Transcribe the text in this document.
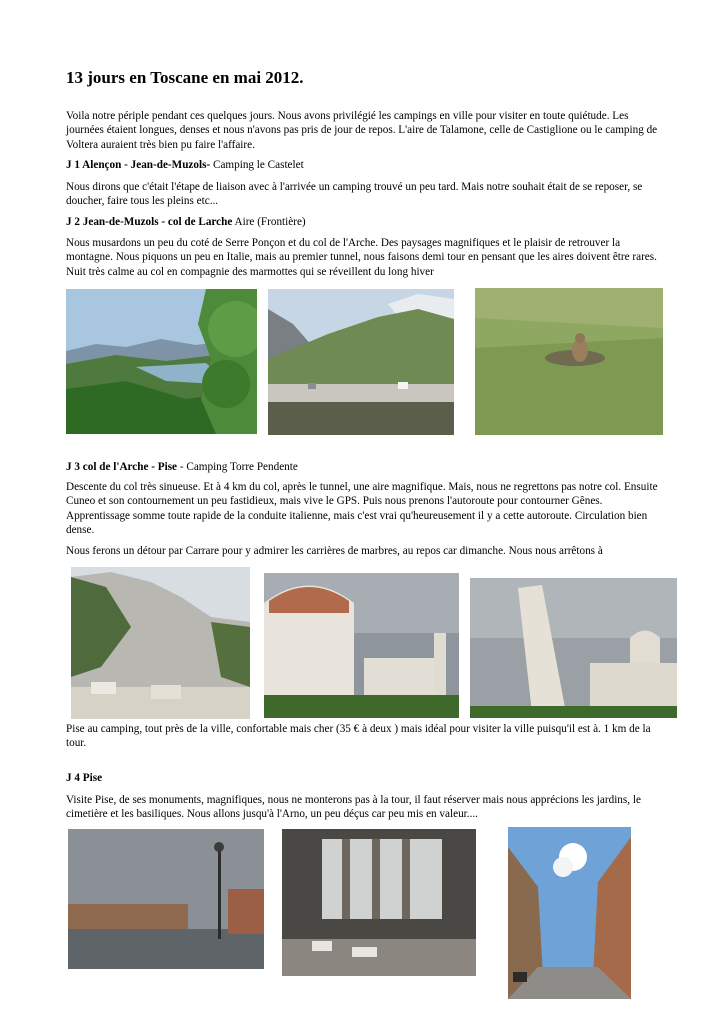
13 jours en Toscane en mai 2012.

Voila notre périple pendant ces quelques jours. Nous avons privilégié les campings en ville pour visiter en toute quiétude. Les journées étaient longues, denses et nous n'avons pas pris de jour de repos. L'aire de Talamone, celle de Castiglione ou le camping de Voltera auraient très bien pu faire l'affaire.

J 1 Alençon - Jean-de-Muzols- Camping le Castelet

Nous dirons que c'était l'étape de liaison avec à l'arrivée un camping trouvé un peu tard. Mais notre souhait était de se reposer, se doucher, faire tous les pleins etc...

J 2 Jean-de-Muzols - col de Larche Aire (Frontière)

Nous musardons un peu du coté de Serre Ponçon et du col de l'Arche. Des paysages magnifiques et le plaisir de retrouver la montagne. Nous piquons un peu en Italie, mais au premier tunnel, nous faisons demi tour en pensant que les aires doivent être rares. Nuit très calme au col en compagnie des marmottes qui se réveillent du long hiver

J 3 col de l'Arche - Pise - Camping Torre Pendente

Descente du col très sinueuse. Et à 4 km du col, après le tunnel, une aire magnifique. Mais, nous ne regrettons pas notre col. Ensuite Cuneo et son contournement un peu fastidieux, mais vive le GPS. Puis nous prenons l'autoroute pour contourner Gênes. Apprentissage somme toute rapide de la conduite italienne, mais c'est vrai qu'heureusement il y a cette autoroute. Circulation bien dense.

Nous ferons un détour par Carrare pour y admirer les carrières de marbres, au repos car dimanche. Nous nous arrêtons à

Pise au camping, tout près de la ville, confortable mais cher (35 € à deux ) mais idéal pour visiter la ville puisqu'il est à. 1 km de la tour.

J 4 Pise

Visite Pise, de ses monuments, magnifiques, nous ne monterons pas à la tour, il faut réserver mais nous apprécions les jardins, le cimetière et les basiliques. Nous allons jusqu'à l'Arno, un peu déçus car peu mis en valeur....
